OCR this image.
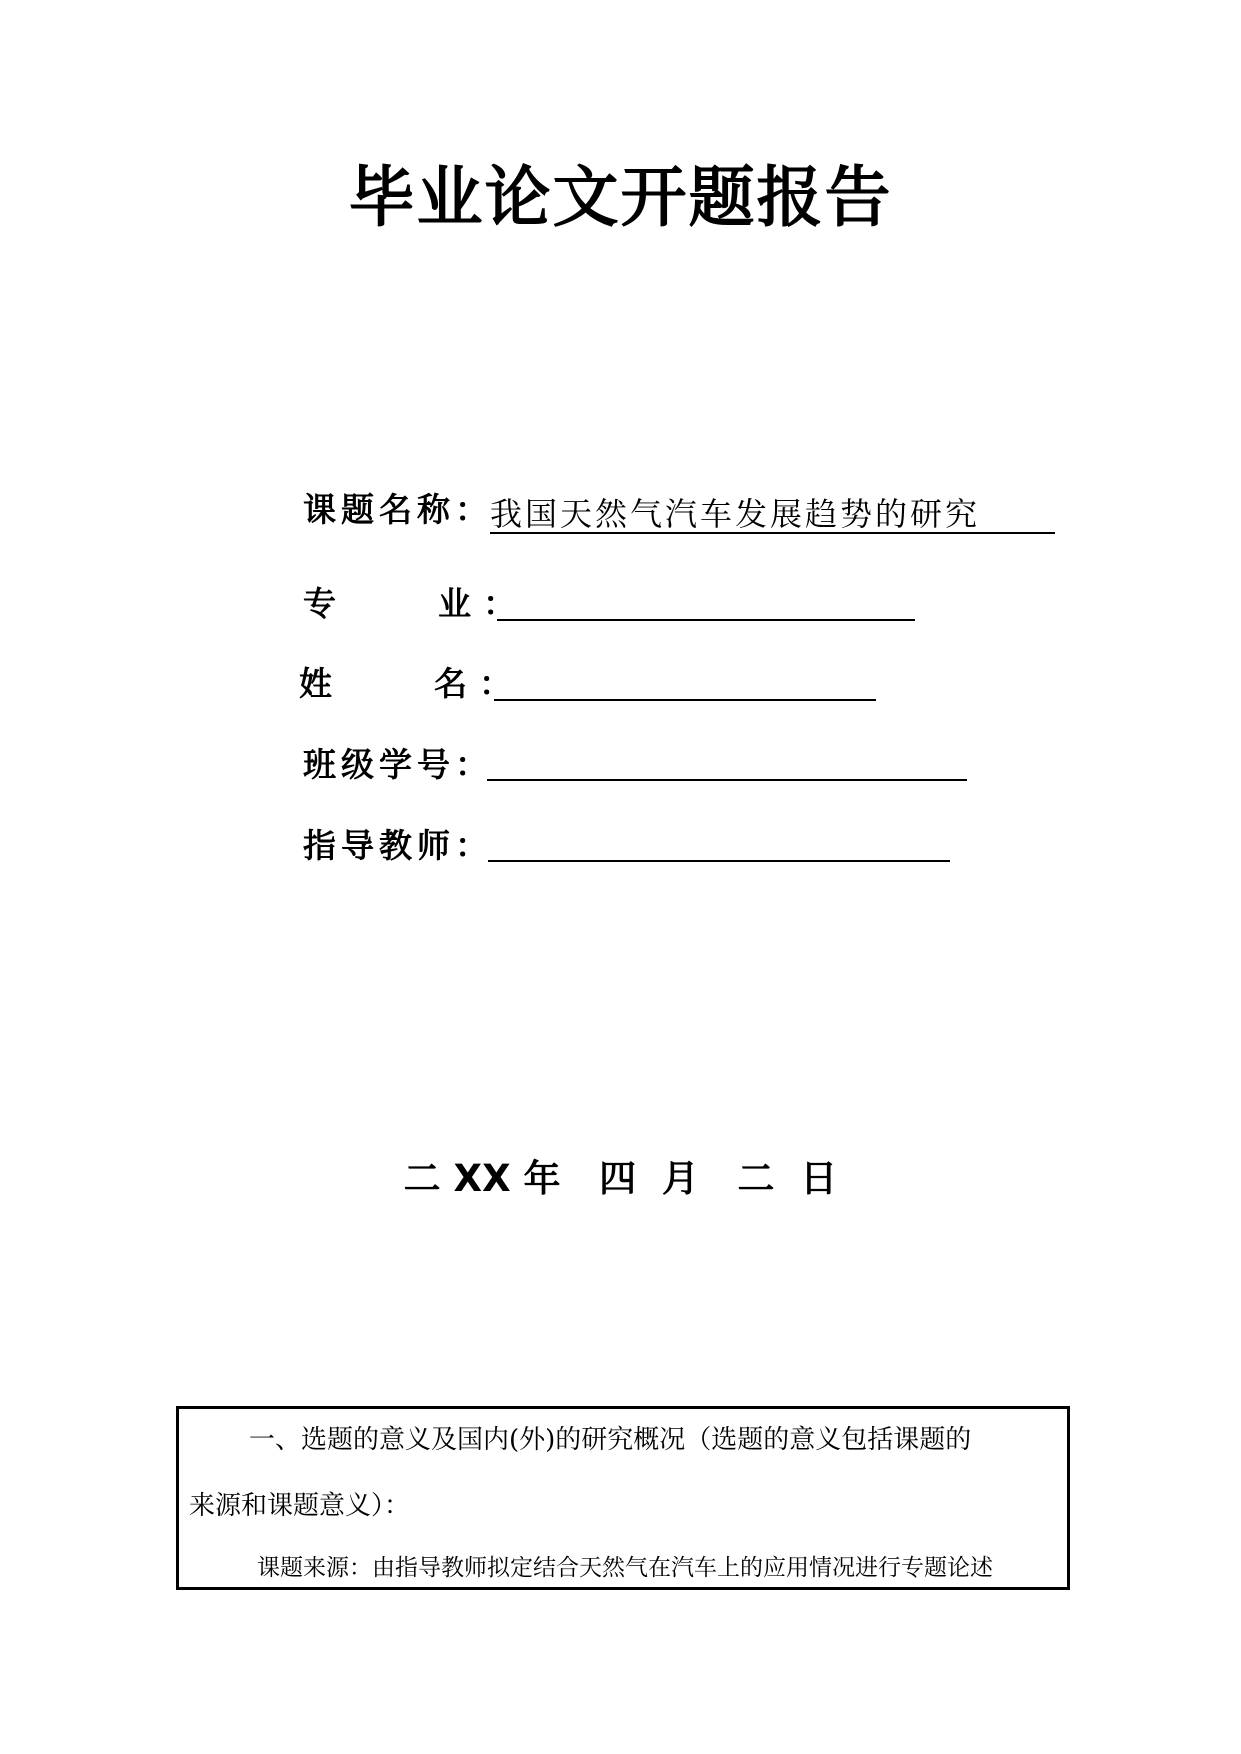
毕业论文开题报告
课题名称：
我国天然气汽车发展趋势的研究
专　　业：
姓　　名：
班级学号：
指导教师：
二 XX 年   四  月   二  日
一、选题的意义及国内(外)的研究概况（选题的意义包括课题的
来源和课题意义）：
课题来源：由指导教师拟定结合天然气在汽车上的应用情况进行专题论述
